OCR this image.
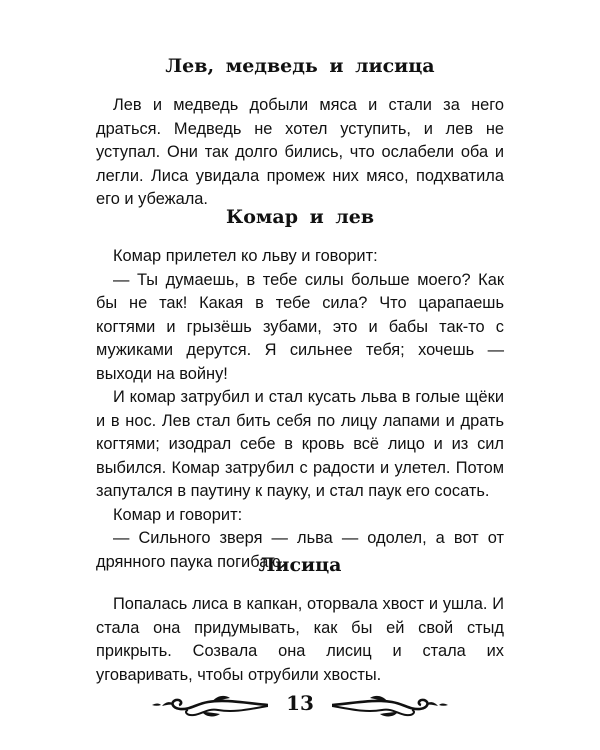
Лев, медведь и лисица

Лев и медведь добыли мяса и стали за него драться. Медведь не хотел уступить, и лев не уступал. Они так долго бились, что ослабели оба и легли. Лиса увидала промеж них мясо, подхватила его и убежала.

Комар и лев

Комар прилетел ко льву и говорит:

— Ты думаешь, в тебе силы больше моего? Как бы не так! Какая в тебе сила? Что царапаешь когтями и грызёшь зубами, это и бабы так-то с мужиками дерутся. Я сильнее тебя; хочешь — выходи на войну!

И комар затрубил и стал кусать льва в голые щёки и в нос. Лев стал бить себя по лицу лапами и драть когтями; изодрал себе в кровь всё лицо и из сил выбился. Комар затрубил с радости и улетел. Потом запутался в паутину к пауку, и стал паук его сосать.

Комар и говорит:

— Сильного зверя — льва — одолел, а вот от дрянного паука погибаю.

Лисица

Попалась лиса в капкан, оторвала хвост и ушла. И стала она придумывать, как бы ей свой стыд прикрыть. Созвала она лисиц и стала их уговаривать, чтобы отрубили хвосты.

13
